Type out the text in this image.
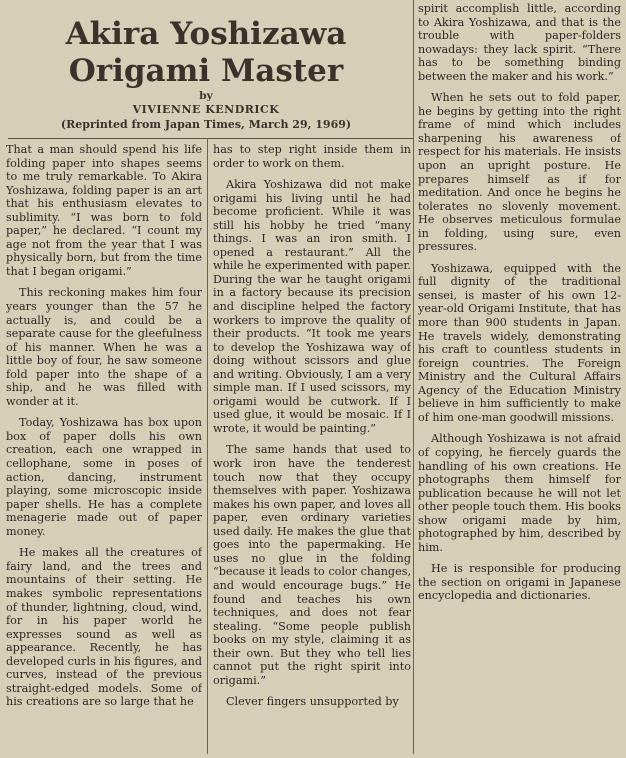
Akira Yoshizawa
Origami Master
by
VIVIENNE KENDRICK
(Reprinted from Japan Times, March 29, 1969)

That a man should spend his life folding paper into shapes seems to me truly remarkable. To Akira Yoshizawa, folding paper is an art that his enthusiasm elevates to sublimity. “I was born to fold paper,” he declared. “I count my age not from the year that I was physically born, but from the time that I began origami.”

This reckoning makes him four years younger than the 57 he actually is, and could be a separate cause for the gleefulness of his manner. When he was a little boy of four, he saw someone fold paper into the shape of a ship, and he was filled with wonder at it.

Today, Yoshizawa has box upon box of paper dolls his own creation, each one wrapped in cellophane, some in poses of action, dancing, instrument playing, some microscopic inside paper shells. He has a complete menagerie made out of paper money.

He makes all the creatures of fairy land, and the trees and mountains of their setting. He makes symbolic representations of thunder, lightning, cloud, wind, for in his paper world he expresses sound as well as appearance. Recently, he has developed curls in his figures, and curves, instead of the previous straight-edged models. Some of his creations are so large that he

has to step right inside them in order to work on them.

Akira Yoshizawa did not make origami his living until he had become proficient. While it was still his hobby he tried “many things. I was an iron smith. I opened a restaurant.” All the while he experimented with paper. During the war he taught origami in a factory because its precision and discipline helped the factory workers to improve the quality of their products. “It took me years to develop the Yoshizawa way of doing without scissors and glue and writing. Obviously, I am a very simple man. If I used scissors, my origami would be cutwork. If I used glue, it would be mosaic. If I wrote, it would be painting.”

The same hands that used to work iron have the tenderest touch now that they occupy themselves with paper. Yoshizawa makes his own paper, and loves all paper, even ordinary varieties used daily. He makes the glue that goes into the papermaking. He uses no glue in the folding “because it leads to color changes, and would encourage bugs.” He found and teaches his own techniques, and does not fear stealing. “Some people publish books on my style, claiming it as their own. But they who tell lies cannot put the right spirit into origami.”

Clever fingers unsupported by

spirit accomplish little, according to Akira Yoshizawa, and that is the trouble with paper-folders nowadays: they lack spirit. “There has to be something binding between the maker and his work.”

When he sets out to fold paper, he begins by getting into the right frame of mind which includes sharpening his awareness of respect for his materials. He insists upon an upright posture. He prepares himself as if for meditation. And once he begins he tolerates no slovenly movement. He observes meticulous formulae in folding, using sure, even pressures.

Yoshizawa, equipped with the full dignity of the traditional sensei, is master of his own 12-year-old Origami Institute, that has more than 900 students in Japan. He travels widely, demonstrating his craft to countless students in foreign countries. The Foreign Ministry and the Cultural Affairs Agency of the Education Ministry believe in him sufficiently to make of him one-man goodwill missions.

Although Yoshizawa is not afraid of copying, he fiercely guards the handling of his own creations. He photographs them himself for publication because he will not let other people touch them. His books show origami made by him, photographed by him, described by him.

He is responsible for producing the section on origami in Japanese encyclopedia and dictionaries.
